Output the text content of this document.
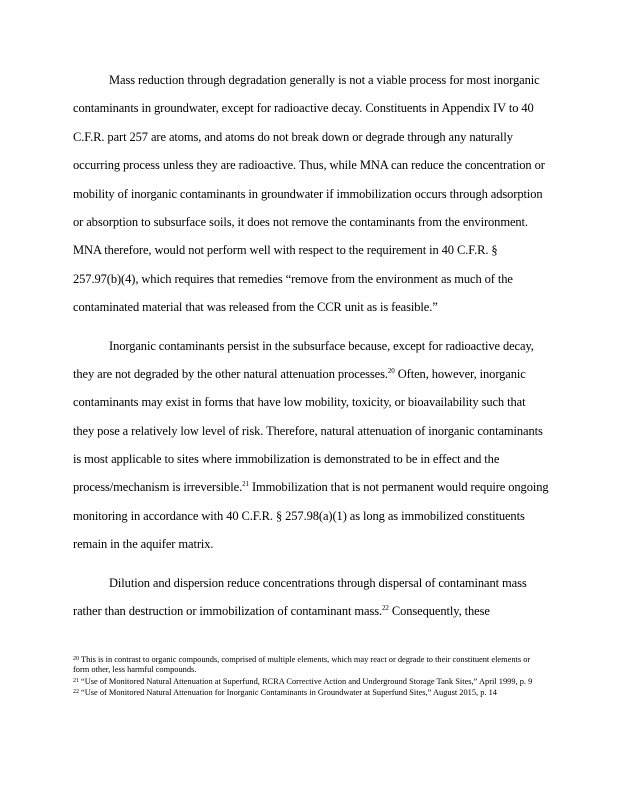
Mass reduction through degradation generally is not a viable process for most inorganic
contaminants in groundwater, except for radioactive decay. Constituents in Appendix IV to 40
C.F.R. part 257 are atoms, and atoms do not break down or degrade through any naturally
occurring process unless they are radioactive. Thus, while MNA can reduce the concentration or
mobility of inorganic contaminants in groundwater if immobilization occurs through adsorption
or absorption to subsurface soils, it does not remove the contaminants from the environment.
MNA therefore, would not perform well with respect to the requirement in 40 C.F.R. §
257.97(b)(4), which requires that remedies “remove from the environment as much of the
contaminated material that was released from the CCR unit as is feasible.”
Inorganic contaminants persist in the subsurface because, except for radioactive decay,
they are not degraded by the other natural attenuation processes.$^{20}$ Often, however, inorganic
contaminants may exist in forms that have low mobility, toxicity, or bioavailability such that
they pose a relatively low level of risk. Therefore, natural attenuation of inorganic contaminants
is most applicable to sites where immobilization is demonstrated to be in effect and the
process/mechanism is irreversible.$^{21}$ Immobilization that is not permanent would require ongoing
monitoring in accordance with 40 C.F.R. § 257.98(a)(1) as long as immobilized constituents
remain in the aquifer matrix.
Dilution and dispersion reduce concentrations through dispersal of contaminant mass
rather than destruction or immobilization of contaminant mass.$^{22}$ Consequently, these

$^{20}$ This is in contrast to organic compounds, comprised of multiple elements, which may react or degrade to their constituent elements or form other, less harmful compounds.

$^{21}$ “Use of Monitored Natural Attenuation at Superfund, RCRA Corrective Action and Underground Storage Tank Sites,” April 1999, p. 9

$^{22}$ “Use of Monitored Natural Attenuation for Inorganic Contaminants in Groundwater at Superfund Sites,” August 2015, p. 14
